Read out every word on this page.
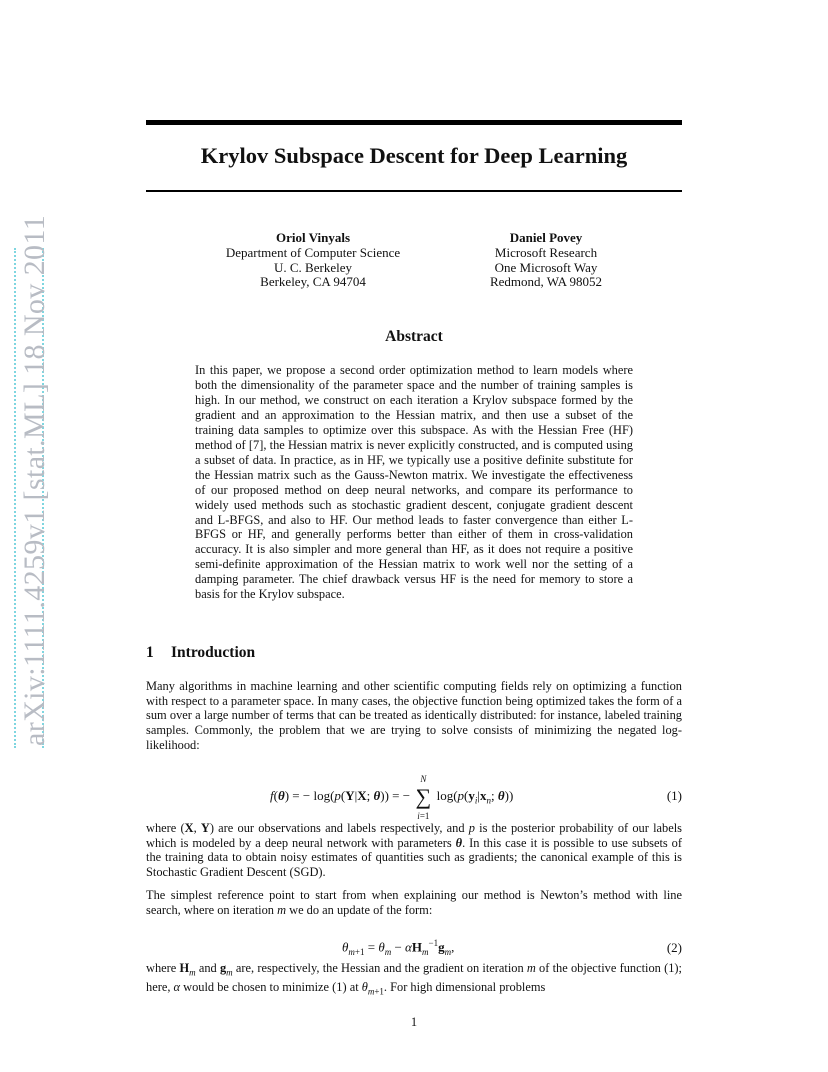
arXiv:1111.4259v1 [stat.ML] 18 Nov 2011
Krylov Subspace Descent for Deep Learning
Oriol Vinyals
Department of Computer Science
U. C. Berkeley
Berkeley, CA 94704
Daniel Povey
Microsoft Research
One Microsoft Way
Redmond, WA 98052
Abstract
In this paper, we propose a second order optimization method to learn models where both the dimensionality of the parameter space and the number of training samples is high. In our method, we construct on each iteration a Krylov subspace formed by the gradient and an approximation to the Hessian matrix, and then use a subset of the training data samples to optimize over this subspace. As with the Hessian Free (HF) method of [7], the Hessian matrix is never explicitly constructed, and is computed using a subset of data. In practice, as in HF, we typically use a positive definite substitute for the Hessian matrix such as the Gauss-Newton matrix. We investigate the effectiveness of our proposed method on deep neural networks, and compare its performance to widely used methods such as stochastic gradient descent, conjugate gradient descent and L-BFGS, and also to HF. Our method leads to faster convergence than either L-BFGS or HF, and generally performs better than either of them in cross-validation accuracy. It is also simpler and more general than HF, as it does not require a positive semi-definite approximation of the Hessian matrix to work well nor the setting of a damping parameter. The chief drawback versus HF is the need for memory to store a basis for the Krylov subspace.
1 Introduction
Many algorithms in machine learning and other scientific computing fields rely on optimizing a function with respect to a parameter space. In many cases, the objective function being optimized takes the form of a sum over a large number of terms that can be treated as identically distributed: for instance, labeled training samples. Commonly, the problem that we are trying to solve consists of minimizing the negated log-likelihood:
f(θ) = − log(p(Y|X; θ)) = −
N
∑
i=1
$\log(p(y_i|x_n$; θ))	(1)
where (X, Y) are our observations and labels respectively, and p is the posterior probability of our labels which is modeled by a deep neural network with parameters θ. In this case it is possible to use subsets of the training data to obtain noisy estimates of quantities such as gradients; the canonical example of this is Stochastic Gradient Descent (SGD).
The simplest reference point to start from when explaining our method is Newton’s method with line search, where on iteration m we do an update of the form:
$\theta_{m+1} = \theta_m - \alpha H_m^{-1}g_m$,	(2)
where $H_m$ and $g_m$ are, respectively, the Hessian and the gradient on iteration m of the objective function (1); here, α would be chosen to minimize (1) at $\theta_{m+1}$. For high dimensional problems
1
